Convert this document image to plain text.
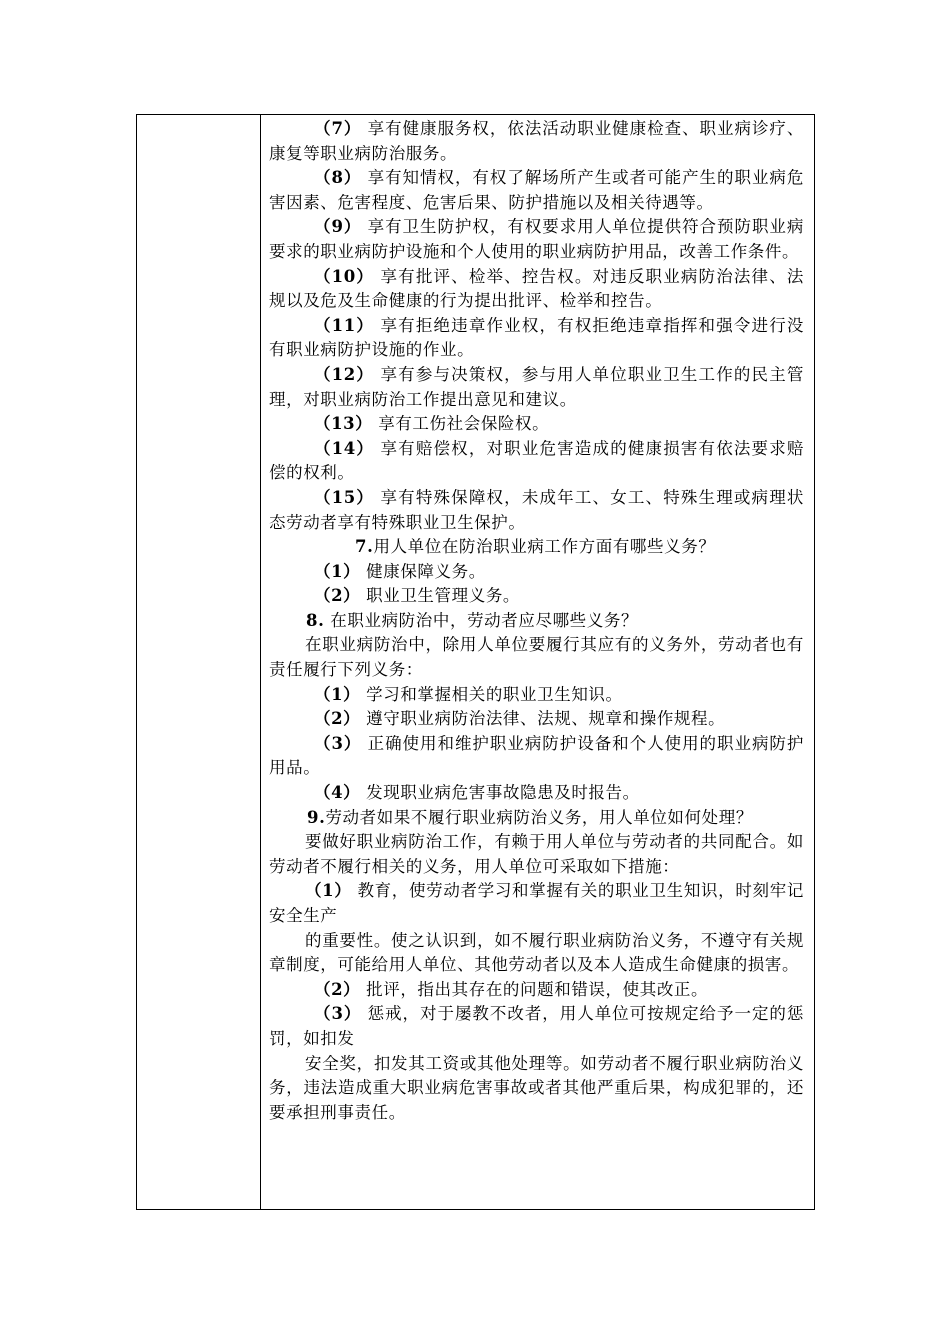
（7） 享有健康服务权，依法活动职业健康检查、职业病诊疗、康复等职业病防治服务。

（8） 享有知情权，有权了解场所产生或者可能产生的职业病危害因素、危害程度、危害后果、防护措施以及相关待遇等。

（9） 享有卫生防护权，有权要求用人单位提供符合预防职业病要求的职业病防护设施和个人使用的职业病防护用品，改善工作条件。

（10） 享有批评、检举、控告权。对违反职业病防治法律、法规以及危及生命健康的行为提出批评、检举和控告。

（11） 享有拒绝违章作业权，有权拒绝违章指挥和强令进行没有职业病防护设施的作业。

（12） 享有参与决策权，参与用人单位职业卫生工作的民主管理，对职业病防治工作提出意见和建议。

（13） 享有工伤社会保险权。

（14） 享有赔偿权，对职业危害造成的健康损害有依法要求赔偿的权利。

（15） 享有特殊保障权，未成年工、女工、特殊生理或病理状态劳动者享有特殊职业卫生保护。

7.用人单位在防治职业病工作方面有哪些义务？

（1） 健康保障义务。

（2） 职业卫生管理义务。

8. 在职业病防治中，劳动者应尽哪些义务？

在职业病防治中，除用人单位要履行其应有的义务外，劳动者也有责任履行下列义务：

（1） 学习和掌握相关的职业卫生知识。

（2） 遵守职业病防治法律、法规、规章和操作规程。

（3） 正确使用和维护职业病防护设备和个人使用的职业病防护用品。

（4） 发现职业病危害事故隐患及时报告。

9.劳动者如果不履行职业病防治义务，用人单位如何处理？

要做好职业病防治工作，有赖于用人单位与劳动者的共同配合。如劳动者不履行相关的义务，用人单位可采取如下措施：

（1） 教育，使劳动者学习和掌握有关的职业卫生知识，时刻牢记安全生产

的重要性。使之认识到，如不履行职业病防治义务，不遵守有关规章制度，可能给用人单位、其他劳动者以及本人造成生命健康的损害。

（2） 批评，指出其存在的问题和错误，使其改正。

（3） 惩戒，对于屡教不改者，用人单位可按规定给予一定的惩罚，如扣发

安全奖，扣发其工资或其他处理等。如劳动者不履行职业病防治义务，违法造成重大职业病危害事故或者其他严重后果，构成犯罪的，还要承担刑事责任。
